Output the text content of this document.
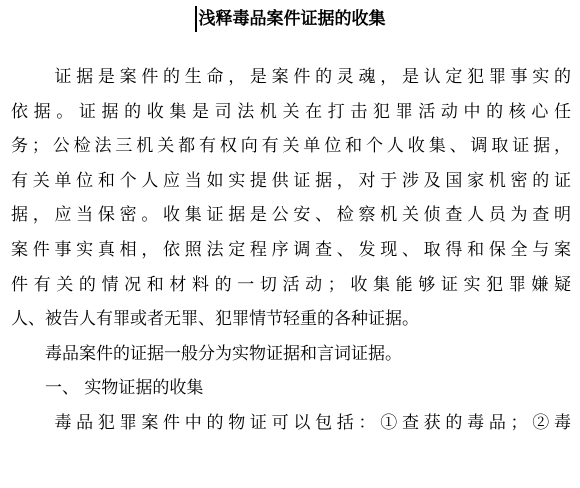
浅释毒品案件证据的收集
　　证据是案件的生命，是案件的灵魂，是认定犯罪事实的
依据。证据的收集是司法机关在打击犯罪活动中的核心任
务；公检法三机关都有权向有关单位和个人收集、调取证据，
有关单位和个人应当如实提供证据，对于涉及国家机密的证
据，应当保密。收集证据是公安、检察机关侦查人员为查明
案件事实真相，依照法定程序调查、发现、取得和保全与案
件有关的情况和材料的一切活动；收集能够证实犯罪嫌疑
人、被告人有罪或者无罪、犯罪情节轻重的各种证据。
　　毒品案件的证据一般分为实物证据和言词证据。
　　一、 实物证据的收集
　　毒品犯罪案件中的物证可以包括：①查获的毒品；②毒
